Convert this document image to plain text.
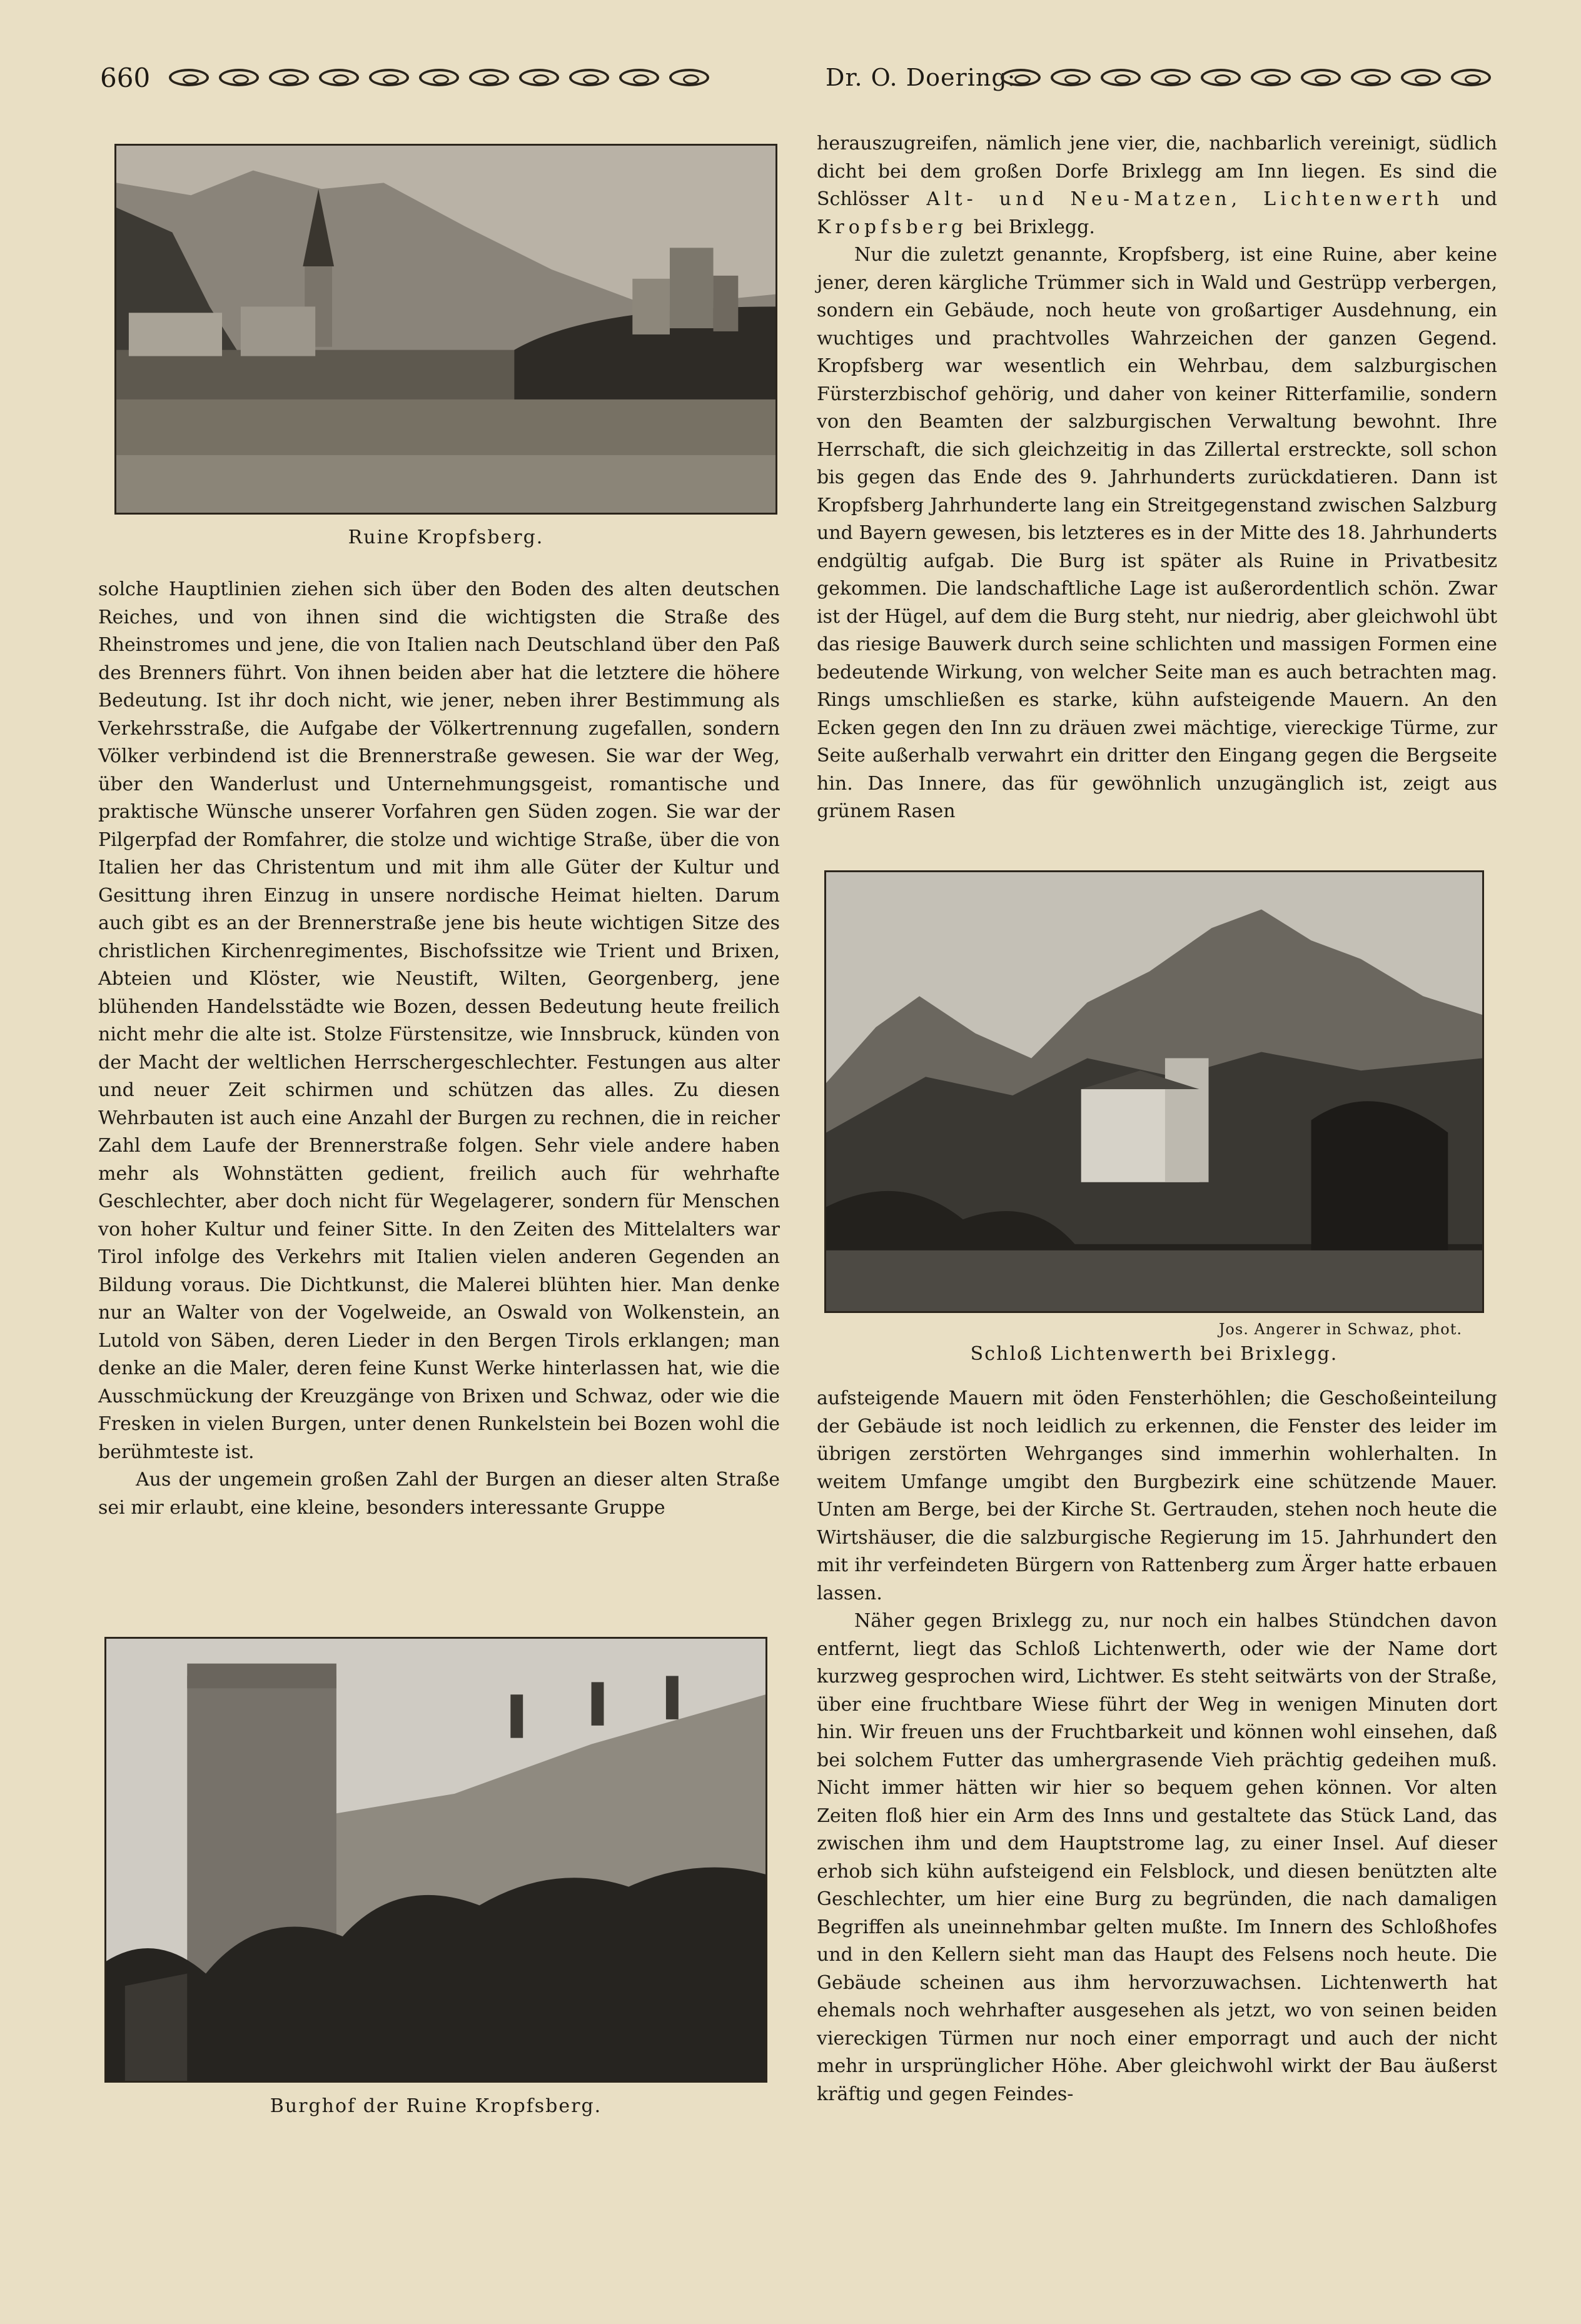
660	Dr. O. Doering:
Ruine Kropfsberg.

solche Hauptlinien ziehen sich über den Boden des alten deutschen Reiches, und von ihnen sind die wichtigsten die Straße des Rheinstromes und jene, die von Italien nach Deutschland über den Paß des Brenners führt. Von ihnen beiden aber hat die letztere die höhere Bedeutung. Ist ihr doch nicht, wie jener, neben ihrer Bestimmung als Verkehrsstraße, die Aufgabe der Völkertrennung zugefallen, sondern Völker verbindend ist die Brennerstraße gewesen. Sie war der Weg, über den Wanderlust und Unternehmungsgeist, romantische und praktische Wünsche unserer Vorfahren gen Süden zogen. Sie war der Pilgerpfad der Romfahrer, die stolze und wichtige Straße, über die von Italien her das Christentum und mit ihm alle Güter der Kultur und Gesittung ihren Einzug in unsere nordische Heimat hielten. Darum auch gibt es an der Brennerstraße jene bis heute wichtigen Sitze des christlichen Kirchenregimentes, Bischofssitze wie Trient und Brixen, Abteien und Klöster, wie Neustift, Wilten, Georgenberg, jene blühenden Handelsstädte wie Bozen, dessen Bedeutung heute freilich nicht mehr die alte ist. Stolze Fürstensitze, wie Innsbruck, künden von der Macht der weltlichen Herrschergeschlechter. Festungen aus alter und neuer Zeit schirmen und schützen das alles. Zu diesen Wehrbauten ist auch eine Anzahl der Burgen zu rechnen, die in reicher Zahl dem Laufe der Brennerstraße folgen. Sehr viele andere haben mehr als Wohnstätten gedient, freilich auch für wehrhafte Geschlechter, aber doch nicht für Wegelagerer, sondern für Menschen von hoher Kultur und feiner Sitte. In den Zeiten des Mittelalters war Tirol infolge des Verkehrs mit Italien vielen anderen Gegenden an Bildung voraus. Die Dichtkunst, die Malerei blühten hier. Man denke nur an Walter von der Vogelweide, an Oswald von Wolkenstein, an Lutold von Säben, deren Lieder in den Bergen Tirols erklangen; man denke an die Maler, deren feine Kunst Werke hinterlassen hat, wie die Ausschmückung der Kreuzgänge von Brixen und Schwaz, oder wie die Fresken in vielen Burgen, unter denen Runkelstein bei Bozen wohl die berühmteste ist.

Aus der ungemein großen Zahl der Burgen an dieser alten Straße sei mir erlaubt, eine kleine, besonders interessante Gruppe

Burghof der Ruine Kropfsberg.

herauszugreifen, nämlich jene vier, die, nachbarlich vereinigt, südlich dicht bei dem großen Dorfe Brixlegg am Inn liegen. Es sind die Schlösser Alt- und Neu-Matzen, Lichtenwerth und Kropfsberg bei Brixlegg.

Nur die zuletzt genannte, Kropfsberg, ist eine Ruine, aber keine jener, deren kärgliche Trümmer sich in Wald und Gestrüpp verbergen, sondern ein Gebäude, noch heute von großartiger Ausdehnung, ein wuchtiges und prachtvolles Wahrzeichen der ganzen Gegend. Kropfsberg war wesentlich ein Wehrbau, dem salzburgischen Fürsterzbischof gehörig, und daher von keiner Ritterfamilie, sondern von den Beamten der salzburgischen Verwaltung bewohnt. Ihre Herrschaft, die sich gleichzeitig in das Zillertal erstreckte, soll schon bis gegen das Ende des 9. Jahrhunderts zurückdatieren. Dann ist Kropfsberg Jahrhunderte lang ein Streitgegenstand zwischen Salzburg und Bayern gewesen, bis letzteres es in der Mitte des 18. Jahrhunderts endgültig aufgab. Die Burg ist später als Ruine in Privatbesitz gekommen. Die landschaftliche Lage ist außerordentlich schön. Zwar ist der Hügel, auf dem die Burg steht, nur niedrig, aber gleichwohl übt das riesige Bauwerk durch seine schlichten und massigen Formen eine bedeutende Wirkung, von welcher Seite man es auch betrachten mag. Rings umschließen es starke, kühn aufsteigende Mauern. An den Ecken gegen den Inn zu dräuen zwei mächtige, viereckige Türme, zur Seite außerhalb verwahrt ein dritter den Eingang gegen die Bergseite hin. Das Innere, das für gewöhnlich unzugänglich ist, zeigt aus grünem Rasen

Jos. Angerer in Schwaz, phot.
Schloß Lichtenwerth bei Brixlegg.

aufsteigende Mauern mit öden Fensterhöhlen; die Geschoßeinteilung der Gebäude ist noch leidlich zu erkennen, die Fenster des leider im übrigen zerstörten Wehrganges sind immerhin wohlerhalten. In weitem Umfange umgibt den Burgbezirk eine schützende Mauer. Unten am Berge, bei der Kirche St. Gertrauden, stehen noch heute die Wirtshäuser, die die salzburgische Regierung im 15. Jahrhundert den mit ihr verfeindeten Bürgern von Rattenberg zum Ärger hatte erbauen lassen.

Näher gegen Brixlegg zu, nur noch ein halbes Stündchen davon entfernt, liegt das Schloß Lichtenwerth, oder wie der Name dort kurzweg gesprochen wird, Lichtwer. Es steht seitwärts von der Straße, über eine fruchtbare Wiese führt der Weg in wenigen Minuten dort hin. Wir freuen uns der Fruchtbarkeit und können wohl einsehen, daß bei solchem Futter das umhergrasende Vieh prächtig gedeihen muß. Nicht immer hätten wir hier so bequem gehen können. Vor alten Zeiten floß hier ein Arm des Inns und gestaltete das Stück Land, das zwischen ihm und dem Hauptstrome lag, zu einer Insel. Auf dieser erhob sich kühn aufsteigend ein Felsblock, und diesen benützten alte Geschlechter, um hier eine Burg zu begründen, die nach damaligen Begriffen als uneinnehmbar gelten mußte. Im Innern des Schloßhofes und in den Kellern sieht man das Haupt des Felsens noch heute. Die Gebäude scheinen aus ihm hervorzuwachsen. Lichtenwerth hat ehemals noch wehrhafter ausgesehen als jetzt, wo von seinen beiden viereckigen Türmen nur noch einer emporragt und auch der nicht mehr in ursprünglicher Höhe. Aber gleichwohl wirkt der Bau äußerst kräftig und gegen Feindes-
